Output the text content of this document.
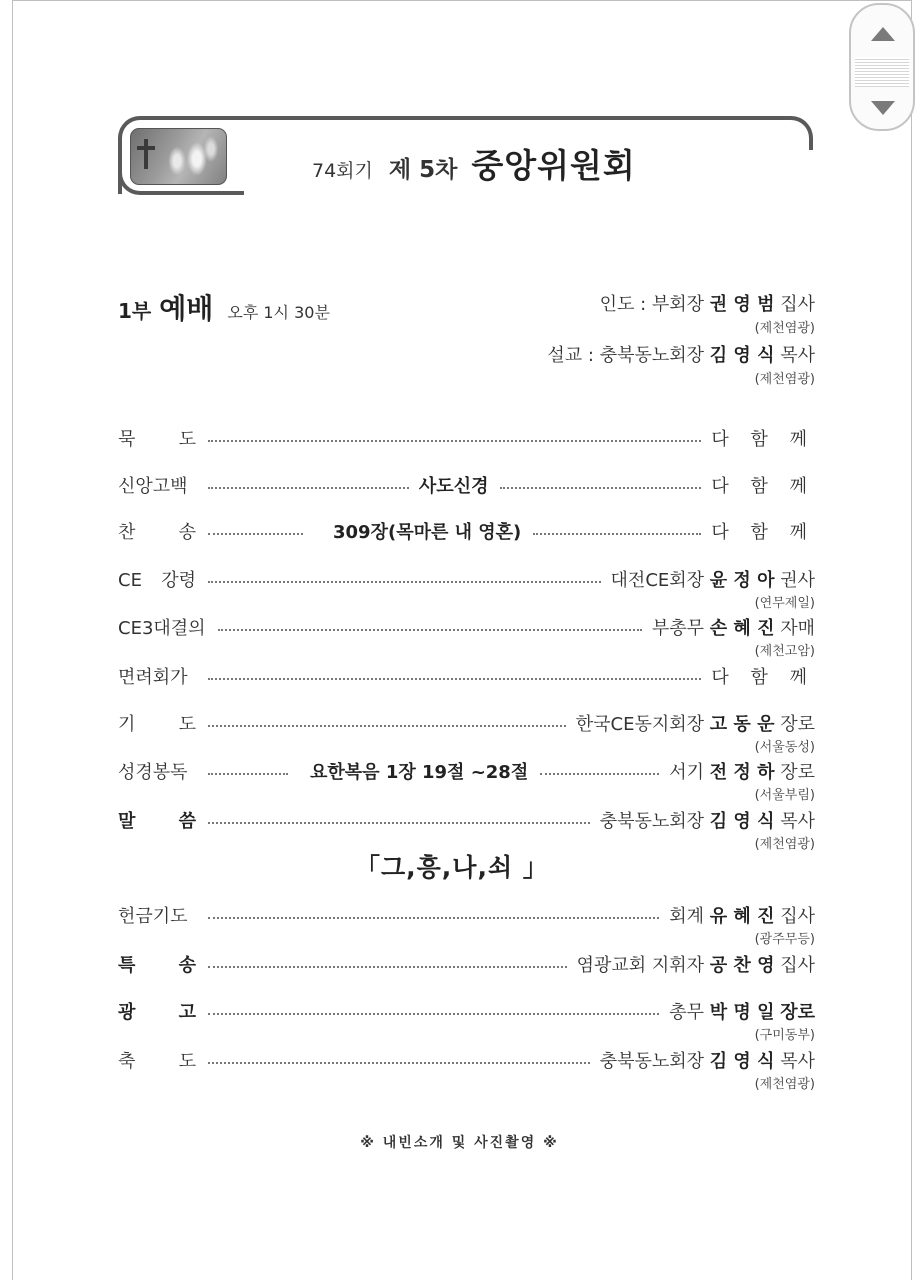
74회기 제 5차 중앙위원회
1부 예배 오후 1시 30분	인도 : 부회장 권 영 범 집사
(제천염광)
설교 : 충북동노회장 김 영 식 목사
(제천염광)
묵 도	다 함 께
신앙고백	사도신경	다 함 께
찬 송	309장(목마른 내 영혼)	다 함 께
CE 강령	대전CE회장 윤 정 아 권사
(연무제일)
CE3대결의	부총무 손 혜 진 자매
(제천고암)
면려회가	다 함 께
기 도	한국CE동지회장 고 동 운 장로
(서울동성)
성경봉독	요한복음 1장 19절 ~28절	서기 전 정 하 장로
(서울부림)
말 씀	충북동노회장 김 영 식 목사
(제천염광)
「그,흥,나,쇠 」
헌금기도	회계 유 혜 진 집사
(광주무등)
특 송	염광교회 지휘자 공 찬 영 집사
광 고	총무 박 명 일 장로
(구미동부)
축 도	충북동노회장 김 영 식 목사
(제천염광)
※ 내빈소개 및 사진촬영 ※
